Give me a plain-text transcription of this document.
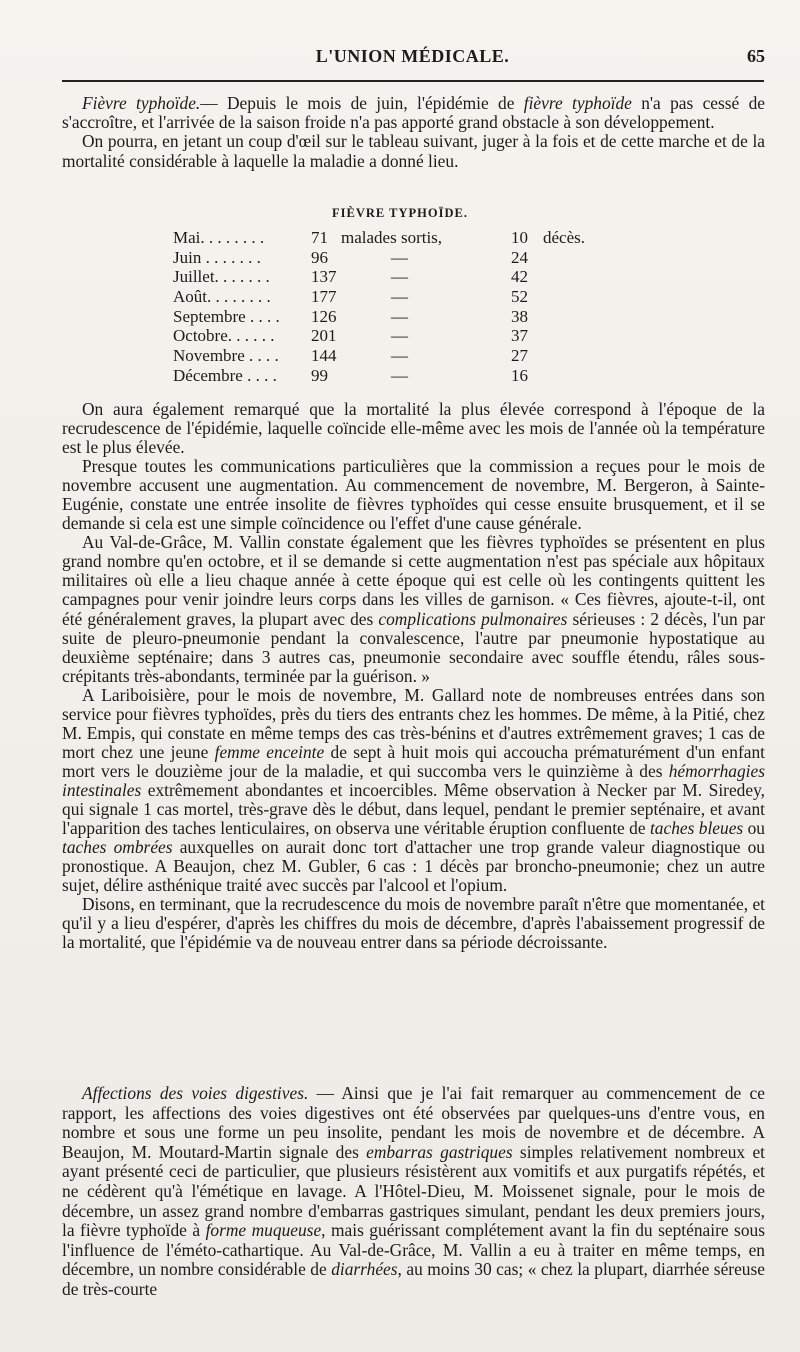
L'UNION MÉDICALE.	65

Fièvre typhoïde.— Depuis le mois de juin, l'épidémie de fièvre typhoïde n'a pas cessé de s'accroître, et l'arrivée de la saison froide n'a pas apporté grand obstacle à son développement.

On pourra, en jetant un coup d'œil sur le tableau suivant, juger à la fois et de cette marche et de la mortalité considérable à laquelle la maladie a donné lieu.

FIÈVRE TYPHOÏDE.
Mai. . . . . . . .	71 malades sortis,	10 décès.
Juin . . . . . . .	96	—	24
Juillet. . . . . . . 137	—	42
Août. . . . . . . . 177	—	52
Septembre . . . . 126	—	38
Octobre. . . . . . 201	—	37
Novembre . . . . 144	—	27
Décembre . . . . 99	—	16

On aura également remarqué que la mortalité la plus élevée correspond à l'époque de la recrudescence de l'épidémie, laquelle coïncide elle-même avec les mois de l'année où la température est le plus élevée.

Presque toutes les communications particulières que la commission a reçues pour le mois de novembre accusent une augmentation. Au commencement de novembre, M. Bergeron, à Sainte-Eugénie, constate une entrée insolite de fièvres typhoïdes qui cesse ensuite brusquement, et il se demande si cela est une simple coïncidence ou l'effet d'une cause générale.

Au Val-de-Grâce, M. Vallin constate également que les fièvres typhoïdes se présentent en plus grand nombre qu'en octobre, et il se demande si cette augmentation n'est pas spéciale aux hôpitaux militaires où elle a lieu chaque année à cette époque qui est celle où les contingents quittent les campagnes pour venir joindre leurs corps dans les villes de garnison. « Ces fièvres, ajoute-t-il, ont été généralement graves, la plupart avec des complications pulmonaires sérieuses : 2 décès, l'un par suite de pleuro-pneumonie pendant la convalescence, l'autre par pneumonie hypostatique au deuxième septénaire; dans 3 autres cas, pneumonie secondaire avec souffle étendu, râles sous-crépitants très-abondants, terminée par la guérison. »

A Lariboisière, pour le mois de novembre, M. Gallard note de nombreuses entrées dans son service pour fièvres typhoïdes, près du tiers des entrants chez les hommes. De même, à la Pitié, chez M. Empis, qui constate en même temps des cas très-bénins et d'autres extrêmement graves; 1 cas de mort chez une jeune femme enceinte de sept à huit mois qui accoucha prématurément d'un enfant mort vers le douzième jour de la maladie, et qui succomba vers le quinzième à des hémorrhagies intestinales extrêmement abondantes et incoercibles. Même observation à Necker par M. Siredey, qui signale 1 cas mortel, très-grave dès le début, dans lequel, pendant le premier septénaire, et avant l'apparition des taches lenticulaires, on observa une véritable éruption confluente de taches bleues ou taches ombrées auxquelles on aurait donc tort d'attacher une trop grande valeur diagnostique ou pronostique. A Beaujon, chez M. Gubler, 6 cas : 1 décès par broncho-pneumonie; chez un autre sujet, délire asthénique traité avec succès par l'alcool et l'opium.

Disons, en terminant, que la recrudescence du mois de novembre paraît n'être que momentanée, et qu'il y a lieu d'espérer, d'après les chiffres du mois de décembre, d'après l'abaissement progressif de la mortalité, que l'épidémie va de nouveau entrer dans sa période décroissante.

Affections des voies digestives. — Ainsi que je l'ai fait remarquer au commencement de ce rapport, les affections des voies digestives ont été observées par quelques-uns d'entre vous, en nombre et sous une forme un peu insolite, pendant les mois de novembre et de décembre. A Beaujon, M. Moutard-Martin signale des embarras gastriques simples relativement nombreux et ayant présenté ceci de particulier, que plusieurs résistèrent aux vomitifs et aux purgatifs répétés, et ne cédèrent qu'à l'émétique en lavage. A l'Hôtel-Dieu, M. Moissenet signale, pour le mois de décembre, un assez grand nombre d'embarras gastriques simulant, pendant les deux premiers jours, la fièvre typhoïde à forme muqueuse, mais guérissant complétement avant la fin du septénaire sous l'influence de l'éméto-cathartique. Au Val-de-Grâce, M. Vallin a eu à traiter en même temps, en décembre, un nombre considérable de diarrhées, au moins 30 cas; « chez la plupart, diarrhée séreuse de très-courte
